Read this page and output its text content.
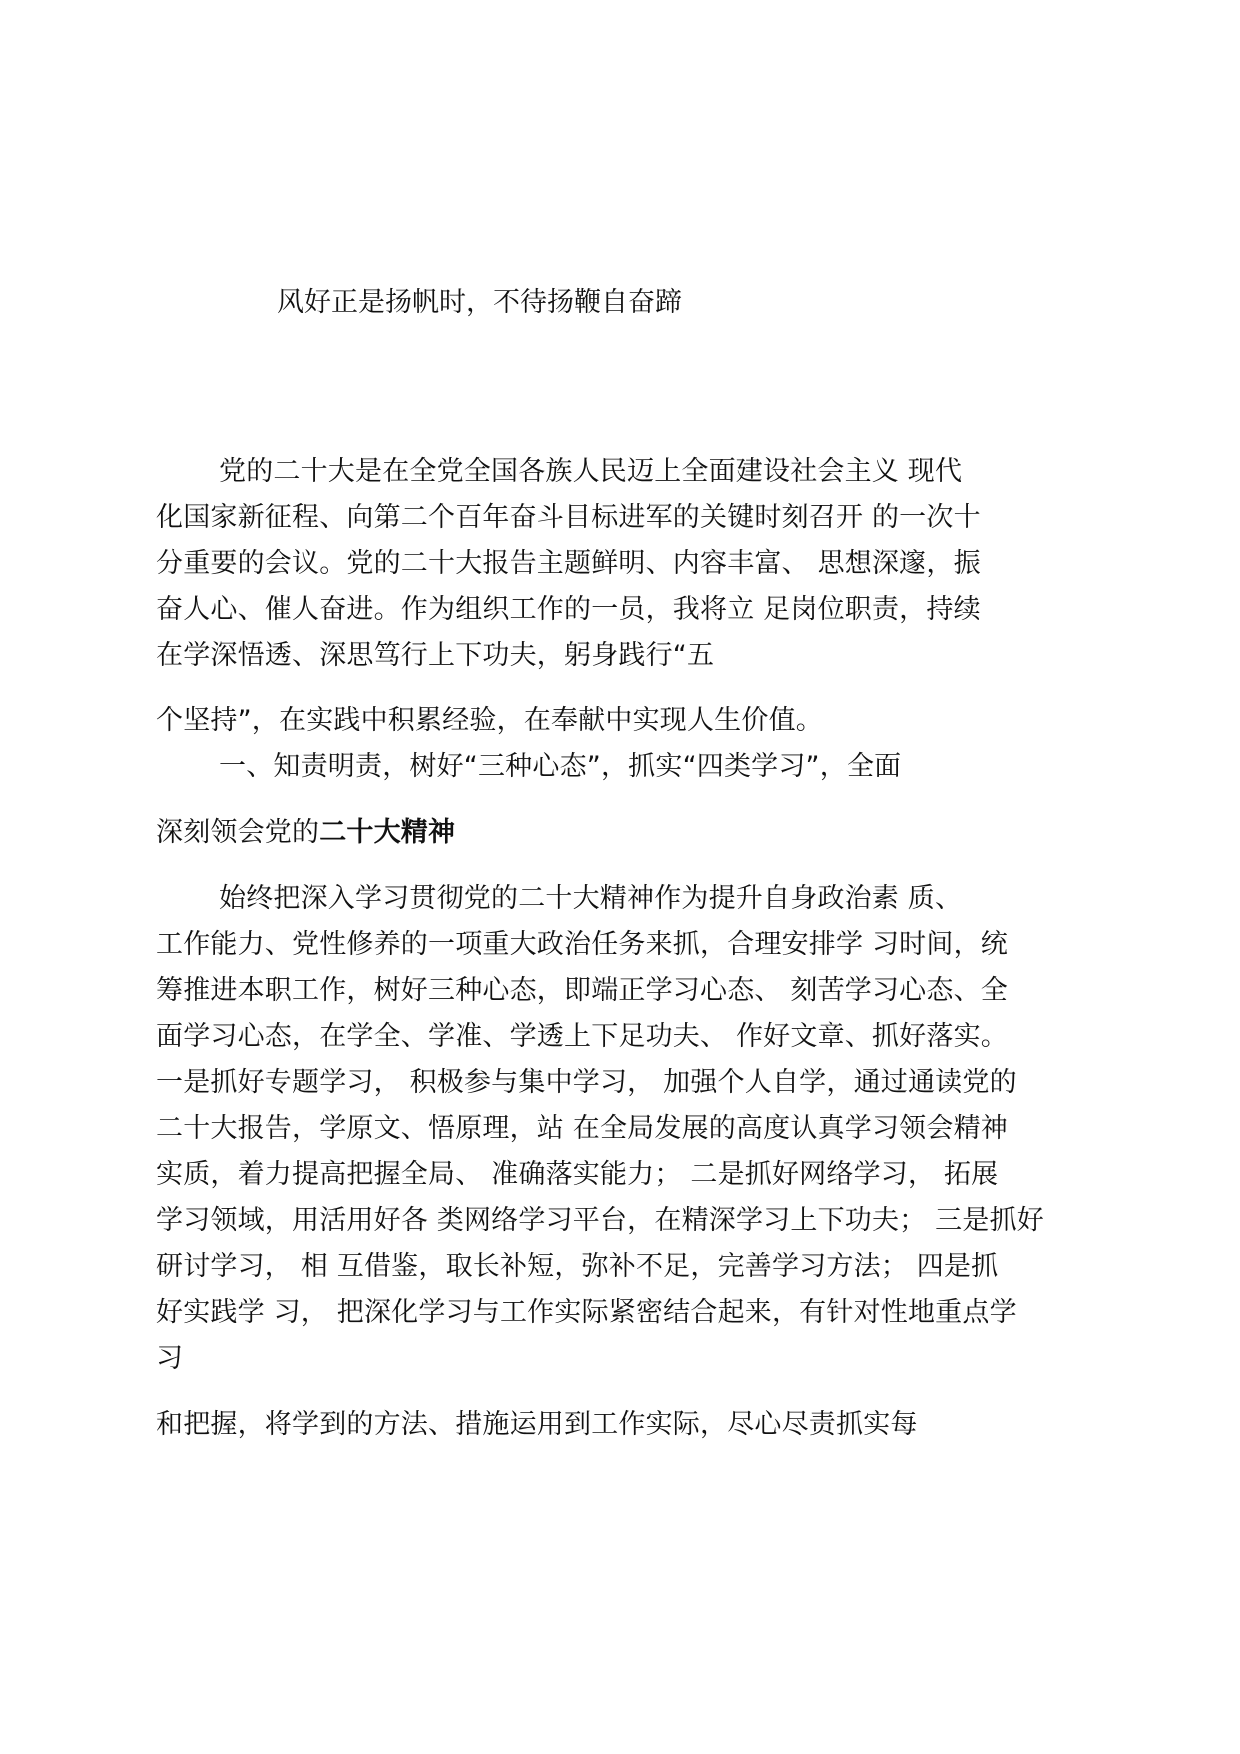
风好正是扬帆时，不待扬鞭自奋蹄
党的二十大是在全党全国各族人民迈上全面建设社会主义 现代
化国家新征程、向第二个百年奋斗目标进军的关键时刻召开 的一次十
分重要的会议。党的二十大报告主题鲜明、内容丰富、 思想深邃，振
奋人心、催人奋进。作为组织工作的一员，我将立 足岗位职责，持续
在学深悟透、深思笃行上下功夫，躬身践行“五
个坚持”，在实践中积累经验，在奉献中实现人生价值。
一、知责明责，树好“三种心态”，抓实“四类学习”，全面
深刻领会党的二十大精神
始终把深入学习贯彻党的二十大精神作为提升自身政治素 质、
工作能力、党性修养的一项重大政治任务来抓，合理安排学 习时间，统
筹推进本职工作，树好三种心态，即端正学习心态、 刻苦学习心态、全
面学习心态，在学全、学准、学透上下足功夫、 作好文章、抓好落实。
一是抓好专题学习， 积极参与集中学习， 加强个人自学，通过通读党的
二十大报告，学原文、悟原理，站 在全局发展的高度认真学习领会精神
实质，着力提高把握全局、 准确落实能力； 二是抓好网络学习， 拓展
学习领域，用活用好各 类网络学习平台，在精深学习上下功夫； 三是抓好
研讨学习， 相 互借鉴，取长补短，弥补不足，完善学习方法； 四是抓
好实践学 习， 把深化学习与工作实际紧密结合起来，有针对性地重点学
习
和把握，将学到的方法、措施运用到工作实际，尽心尽责抓实每
